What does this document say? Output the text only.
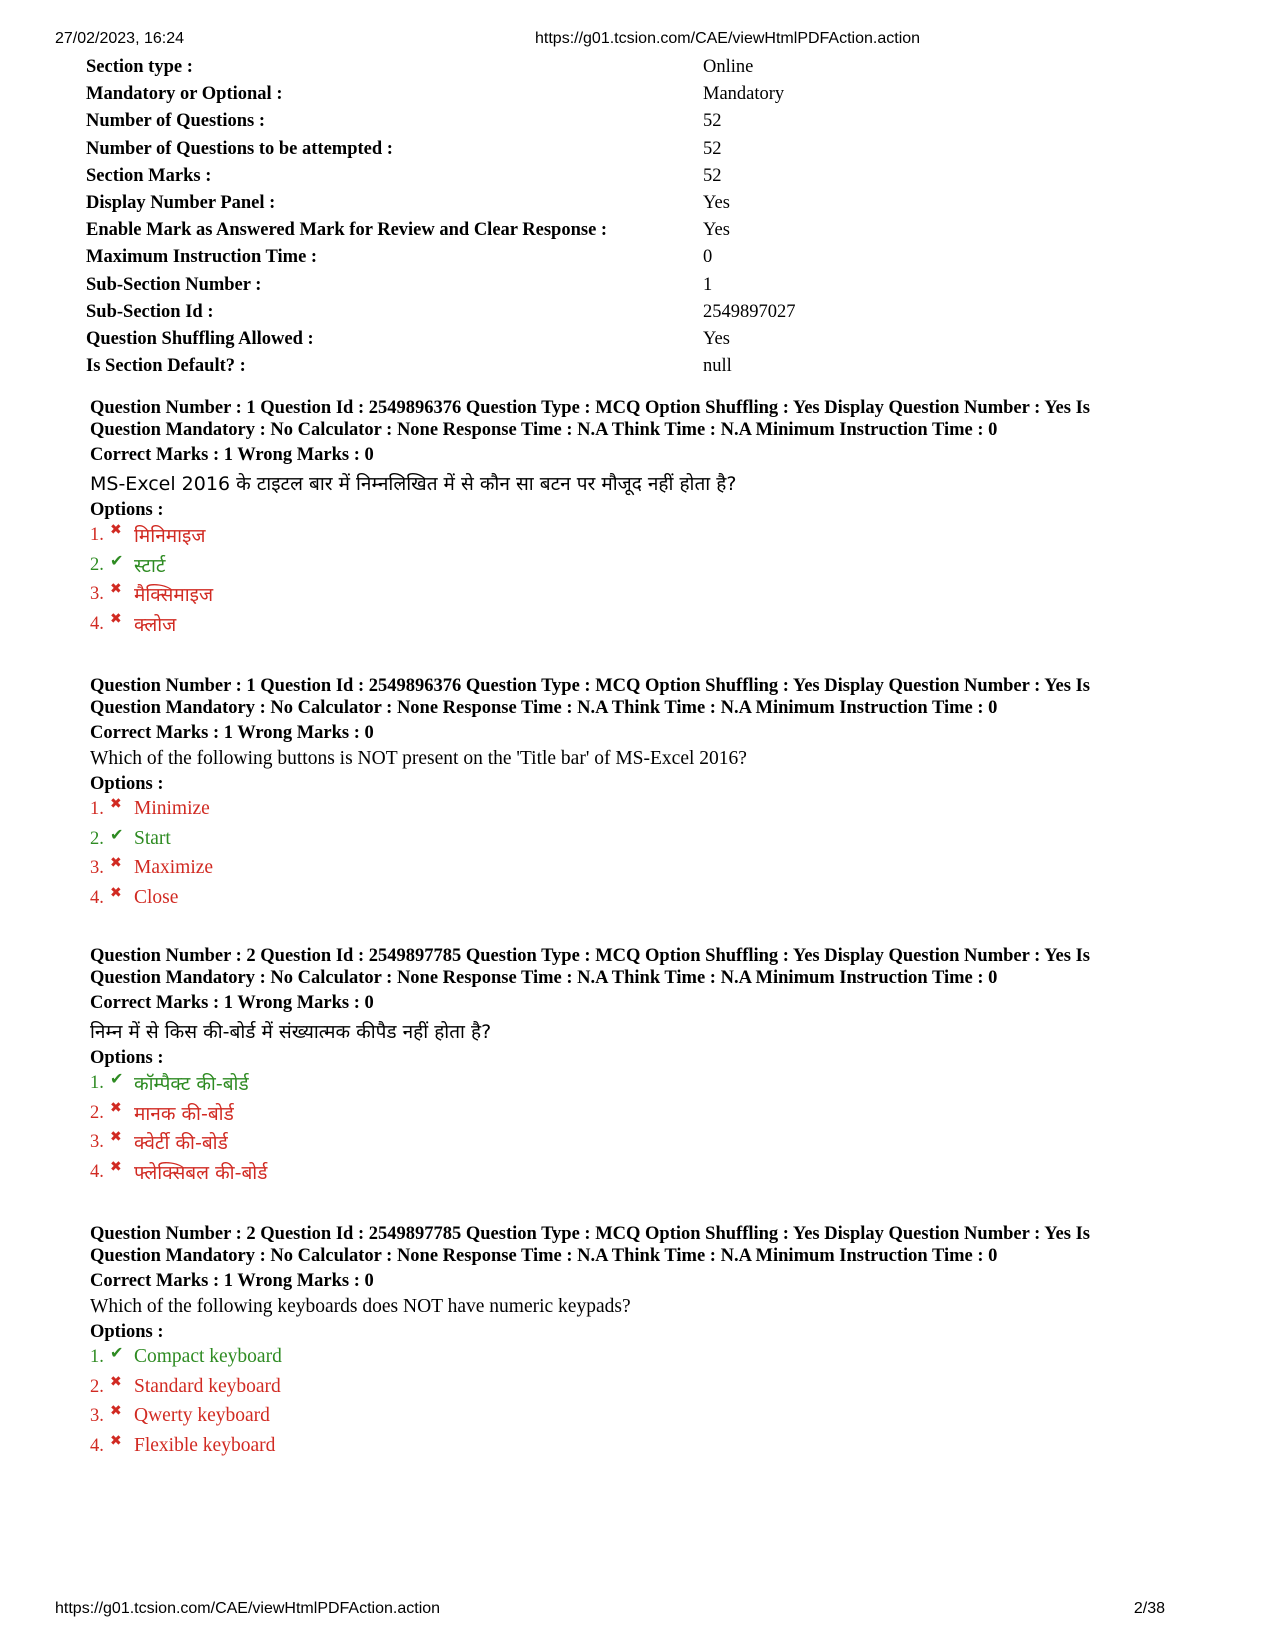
27/02/2023, 16:24	https://g01.tcsion.com/CAE/viewHtmlPDFAction.action
Section type :	Online
Mandatory or Optional :	Mandatory
Number of Questions :	52
Number of Questions to be attempted :	52
Section Marks :	52
Display Number Panel :	Yes
Enable Mark as Answered Mark for Review and Clear Response :	Yes
Maximum Instruction Time :	0
Sub-Section Number :	1
Sub-Section Id :	2549897027
Question Shuffling Allowed :	Yes
Is Section Default? :	null
Question Number : 1 Question Id : 2549896376 Question Type : MCQ Option Shuffling : Yes Display Question Number : Yes Is
Question Mandatory : No Calculator : None Response Time : N.A Think Time : N.A Minimum Instruction Time : 0
Correct Marks : 1 Wrong Marks : 0
MS-Excel 2016 के टाइटल बार में निम्नलिखित में से कौन सा बटन पर मौजूद नहीं होता है?
Options :
1. ✖ मिनिमाइज
2. ✔ स्टार्ट
3. ✖ मैक्सिमाइज
4. ✖ क्लोज
Question Number : 1 Question Id : 2549896376 Question Type : MCQ Option Shuffling : Yes Display Question Number : Yes Is
Question Mandatory : No Calculator : None Response Time : N.A Think Time : N.A Minimum Instruction Time : 0
Correct Marks : 1 Wrong Marks : 0
Which of the following buttons is NOT present on the 'Title bar' of MS-Excel 2016?
Options :
1. ✖ Minimize
2. ✔ Start
3. ✖ Maximize
4. ✖ Close
Question Number : 2 Question Id : 2549897785 Question Type : MCQ Option Shuffling : Yes Display Question Number : Yes Is
Question Mandatory : No Calculator : None Response Time : N.A Think Time : N.A Minimum Instruction Time : 0
Correct Marks : 1 Wrong Marks : 0
निम्न में से किस की-बोर्ड में संख्यात्मक कीपैड नहीं होता है?
Options :
1. ✔ कॉम्पैक्ट की-बोर्ड
2. ✖ मानक की-बोर्ड
3. ✖ क्वेर्टी की-बोर्ड
4. ✖ फ्लेक्सिबल की-बोर्ड
Question Number : 2 Question Id : 2549897785 Question Type : MCQ Option Shuffling : Yes Display Question Number : Yes Is
Question Mandatory : No Calculator : None Response Time : N.A Think Time : N.A Minimum Instruction Time : 0
Correct Marks : 1 Wrong Marks : 0
Which of the following keyboards does NOT have numeric keypads?
Options :
1. ✔ Compact keyboard
2. ✖ Standard keyboard
3. ✖ Qwerty keyboard
4. ✖ Flexible keyboard
https://g01.tcsion.com/CAE/viewHtmlPDFAction.action	2/38
